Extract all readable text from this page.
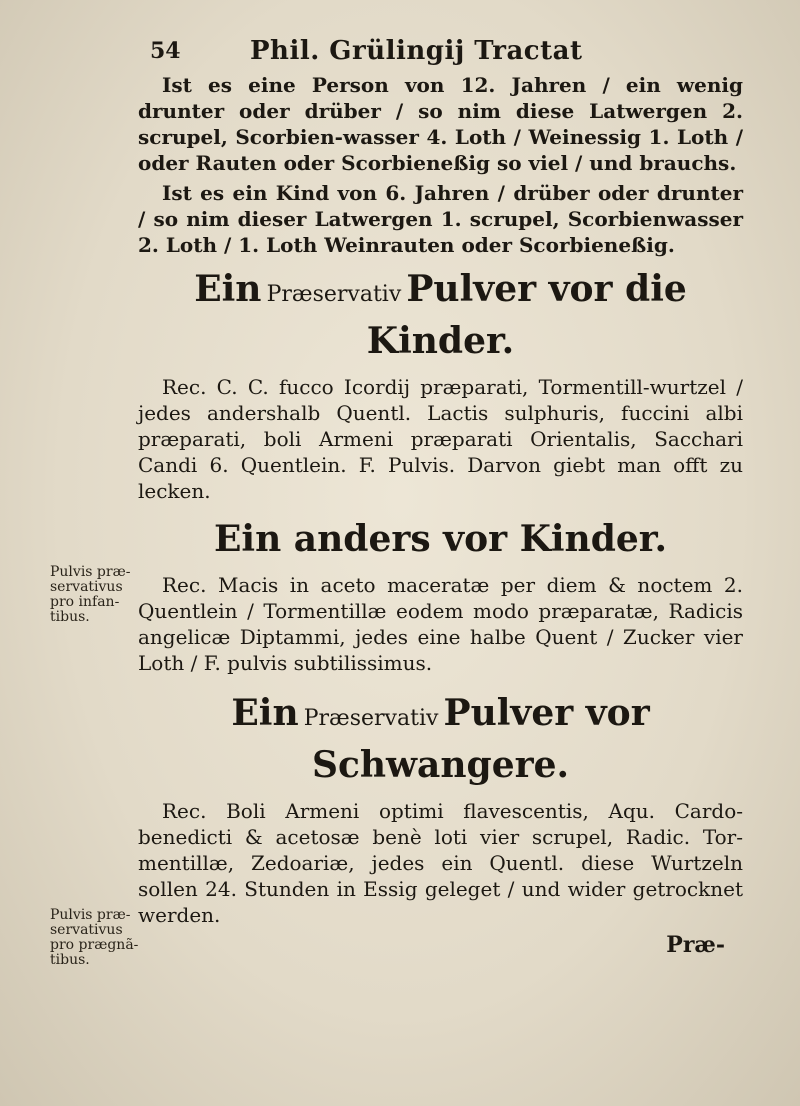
54	Phil. Grülingij Tractat

Ist es eine Person von 12. Jahren / ein wenig drunter oder drüber / so nim diese Latwergen 2. scrupel, Scorbien-wasser 4. Loth / Weinessig 1. Loth / oder Rauten oder Scorbieneßig so viel / und brauchs.

Ist es ein Kind von 6. Jahren / drüber oder drunter / so nim dieser Latwergen 1. scrupel, Scorbienwasser 2. Loth / 1. Loth Weinrauten oder Scorbieneßig.

Ein Præservativ Pulver vor die
Kinder.

Rec. C. C. fucco Icordij præparati, Tormentill-wurtzel / jedes andershalb Quentl. Lactis sulphuris, fuccini albi præparati, boli Armeni præparati Orientalis, Sacchari Candi 6. Quentlein. F. Pulvis. Darvon giebt man offt zu lecken.

Ein anders vor Kinder.

Rec. Macis in aceto maceratæ per diem & noctem 2. Quentlein / Tormentillæ eodem modo præparatæ, Radicis angelicæ Diptammi, jedes eine halbe Quent / Zucker vier Loth / F. pulvis subtilissimus.

Ein Præservativ Pulver vor
Schwangere.

Rec. Boli Armeni optimi flavescentis, Aqu. Cardo-benedicti & acetosæ benè loti vier scrupel, Radic. Tor-mentillæ, Zedoariæ, jedes ein Quentl. diese Wurtzeln sollen 24. Stunden in Essig geleget / und wider getrocknet werden.

Præ-
Pulvis præ-servativus pro infan-tibus.
Pulvis præ-servativus pro prægnã-tibus.
